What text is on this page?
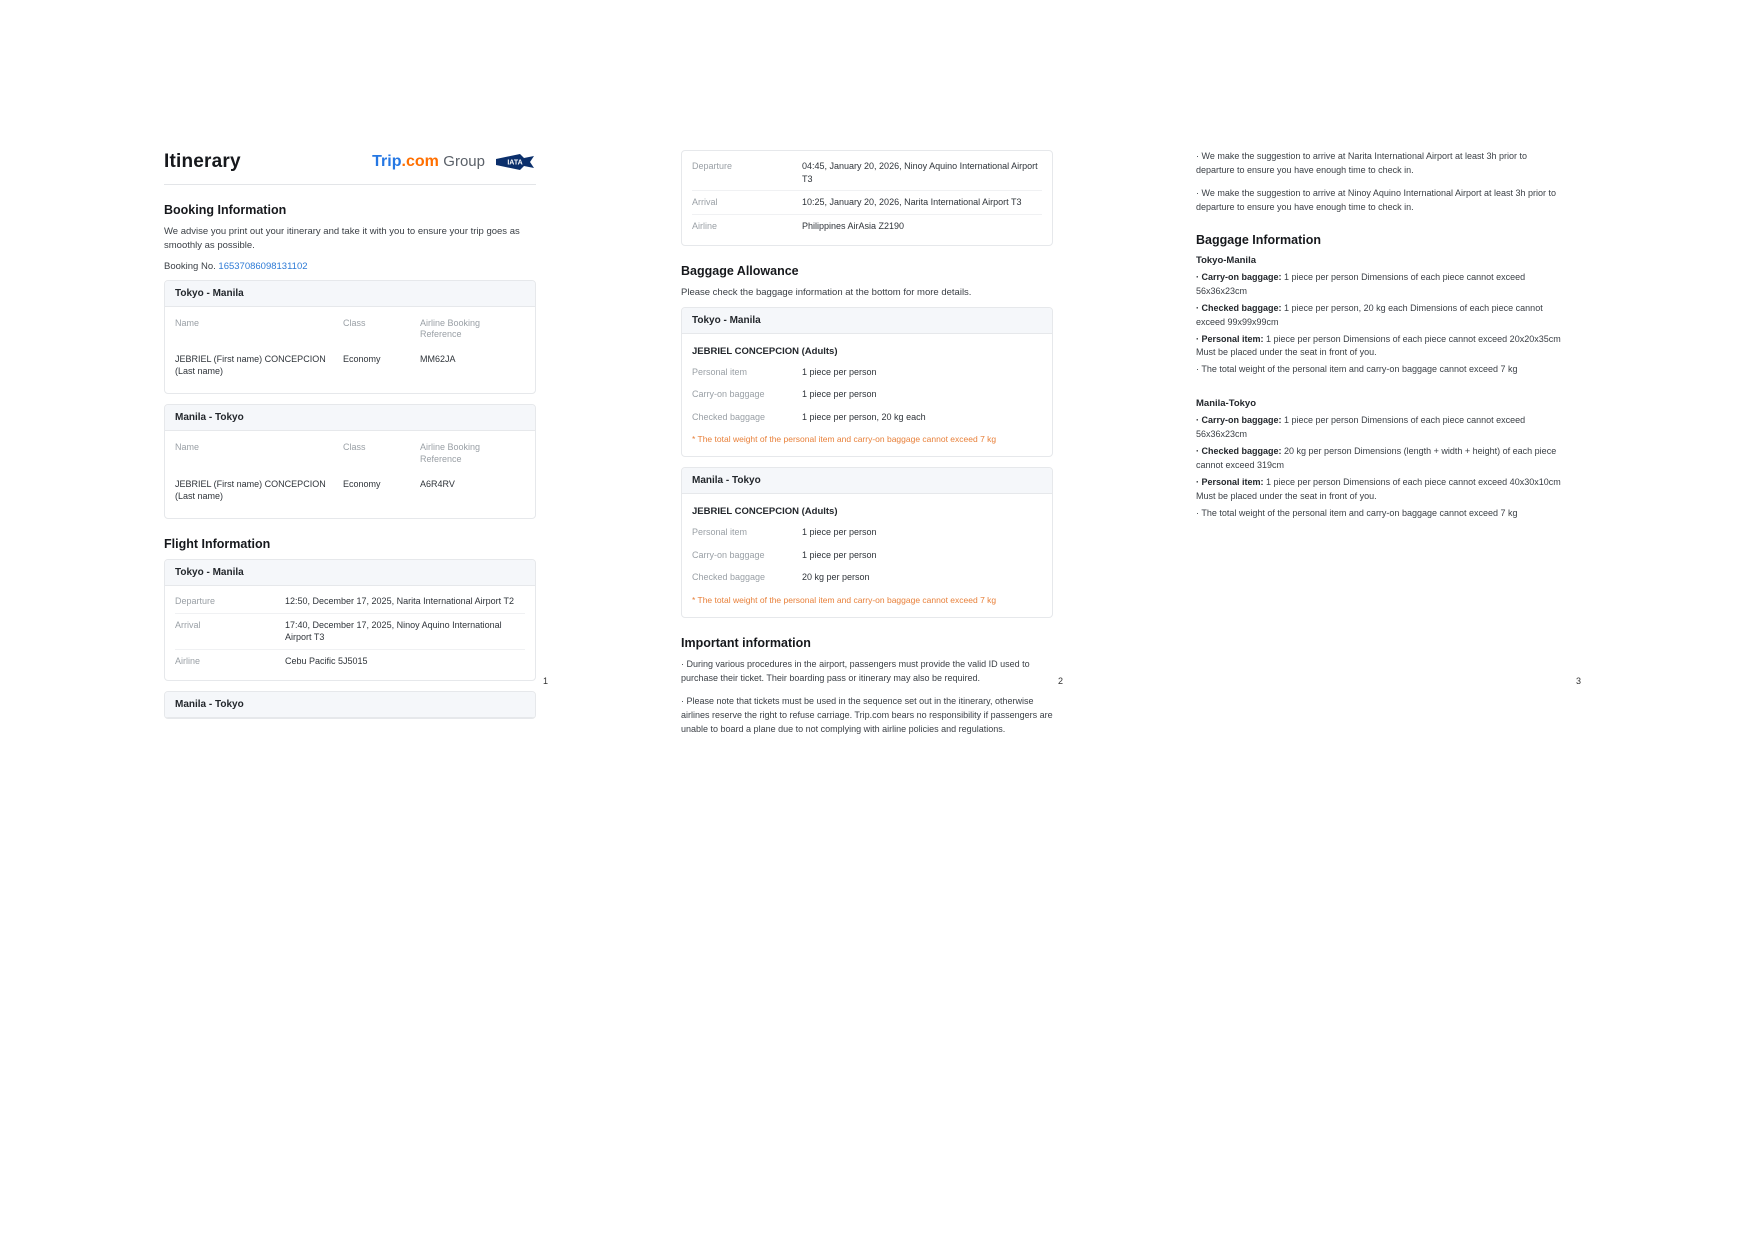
Itinerary	Trip.com Group	IATA
Booking Information

We advise you print out your itinerary and take it with you to ensure your trip goes as smoothly as possible.

Booking No. 16537086098131102

Tokyo - Manila
Name	Class	Airline Booking Reference
JEBRIEL (First name) CONCEPCION (Last name)	Economy	MM62JA
Manila - Tokyo
Name	Class	Airline Booking Reference
JEBRIEL (First name) CONCEPCION (Last name)	Economy	A6R4RV
Flight Information
Tokyo - Manila
Departure	12:50, December 17, 2025, Narita International Airport T2
Arrival	17:40, December 17, 2025, Ninoy Aquino International Airport T3
Airline	Cebu Pacific 5J5015
Manila - Tokyo
Departure	04:45, January 20, 2026, Ninoy Aquino International Airport T3
Arrival	10:25, January 20, 2026, Narita International Airport T3
Airline	Philippines AirAsia Z2190
Baggage Allowance

Please check the baggage information at the bottom for more details.

Tokyo - Manila
JEBRIEL CONCEPCION (Adults)
Personal item	1 piece per person
Carry-on baggage	1 piece per person
Checked baggage	1 piece per person, 20 kg each
* The total weight of the personal item and carry-on baggage cannot exceed 7 kg
Manila - Tokyo
JEBRIEL CONCEPCION (Adults)
Personal item	1 piece per person
Carry-on baggage	1 piece per person
Checked baggage	20 kg per person
* The total weight of the personal item and carry-on baggage cannot exceed 7 kg
Important information

· During various procedures in the airport, passengers must provide the valid ID used to purchase their ticket. Their boarding pass or itinerary may also be required.

· Please note that tickets must be used in the sequence set out in the itinerary, otherwise airlines reserve the right to refuse carriage. Trip.com bears no responsibility if passengers are unable to board a plane due to not complying with airline policies and regulations.

· We make the suggestion to arrive at Narita International Airport at least 3h prior to departure to ensure you have enough time to check in.

· We make the suggestion to arrive at Ninoy Aquino International Airport at least 3h prior to departure to ensure you have enough time to check in.

Baggage Information
Tokyo-Manila

· Carry-on baggage: 1 piece per person Dimensions of each piece cannot exceed 56x36x23cm

· Checked baggage: 1 piece per person, 20 kg each Dimensions of each piece cannot exceed 99x99x99cm

· Personal item: 1 piece per person Dimensions of each piece cannot exceed 20x20x35cm Must be placed under the seat in front of you.

· The total weight of the personal item and carry-on baggage cannot exceed 7 kg

Manila-Tokyo

· Carry-on baggage: 1 piece per person Dimensions of each piece cannot exceed 56x36x23cm

· Checked baggage: 20 kg per person Dimensions (length + width + height) of each piece cannot exceed 319cm

· Personal item: 1 piece per person Dimensions of each piece cannot exceed 40x30x10cm Must be placed under the seat in front of you.

· The total weight of the personal item and carry-on baggage cannot exceed 7 kg

1	2	3
